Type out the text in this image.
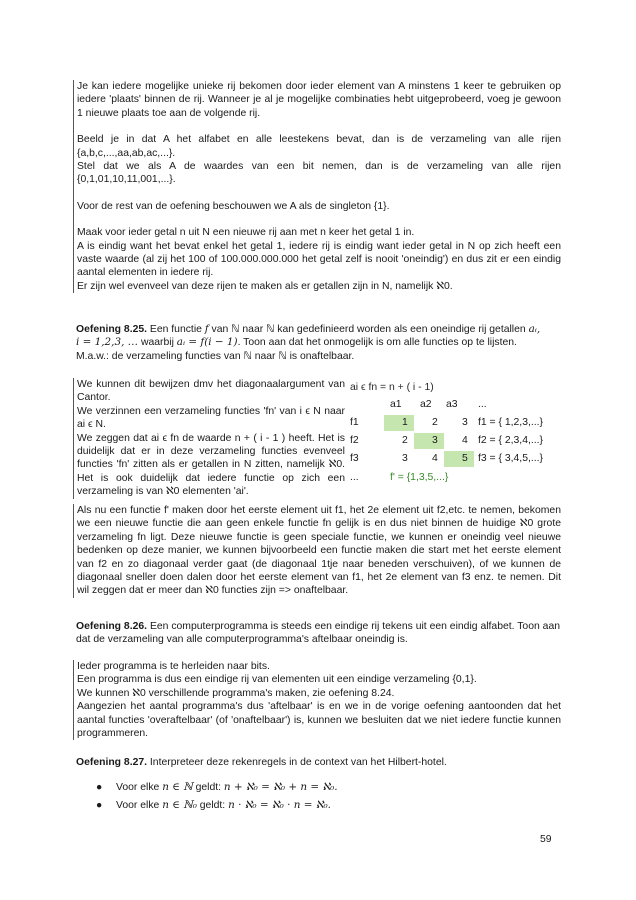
Je kan iedere mogelijke unieke rij bekomen door ieder element van A minstens 1 keer te gebruiken op iedere 'plaats' binnen de rij. Wanneer je al je mogelijke combinaties hebt uitgeprobeerd, voeg je gewoon 1 nieuwe plaats toe aan de volgende rij.

Beeld je in dat A het alfabet en alle leestekens bevat, dan is de verzameling van alle rijen {a,b,c,...,aa,ab,ac,...}.

Stel dat we als A de waardes van een bit nemen, dan is de verzameling van alle rijen {0,1,01,10,11,001,...}.

Voor de rest van de oefening beschouwen we A als de singleton {1}.

Maak voor ieder getal n uit N een nieuwe rij aan met n keer het getal 1 in.

A is eindig want het bevat enkel het getal 1, iedere rij is eindig want ieder getal in N op zich heeft een vaste waarde (al zij het 100 of 100.000.000.000 het getal zelf is nooit 'oneindig') en dus zit er een eindig aantal elementen in iedere rij.

Er zijn wel evenveel van deze rijen te maken als er getallen zijn in N, namelijk ℵ0.

Oefening 8.25. Een functie f van ℕ naar ℕ kan gedefinieerd worden als een oneindige rij getallen aᵢ,

i = 1,2,3, … waarbij aᵢ = f(i − 1). Toon aan dat het onmogelijk is om alle functies op te lijsten.

M.a.w.: de verzameling functies van ℕ naar ℕ is onaftelbaar.

We kunnen dit bewijzen dmv het diagonaalargument van Cantor.

We verzinnen een verzameling functies 'fn' van i ϵ N naar ai ϵ N.

We zeggen dat ai ϵ fn de waarde n + ( i - 1 ) heeft. Het is duidelijk dat er in deze verzameling functies evenveel functies 'fn' zitten als er getallen in N zitten, namelijk ℵ0. Het is ook duidelijk dat iedere functie op zich een verzameling is van ℵ0 elementen 'ai'.

ai ϵ fn = n + ( i - 1)
a1 a2 a3 ...
f1	1 2 3 f1 = { 1,2,3,...}
f2	2 3 4 f2 = { 2,3,4,...}
f3	3 4 5 f3 = { 3,4,5,...}
...	f' = {1,3,5,...}

Als nu een functie f' maken door het eerste element uit f1, het 2e element uit f2,etc. te nemen, bekomen we een nieuwe functie die aan geen enkele functie fn gelijk is en dus niet binnen de huidige ℵ0 grote verzameling fn ligt. Deze nieuwe functie is geen speciale functie, we kunnen er oneindig veel nieuwe bedenken op deze manier, we kunnen bijvoorbeeld een functie maken die start met het eerste element van f2 en zo diagonaal verder gaat (de diagonaal 1tje naar beneden verschuiven), of we kunnen de diagonaal sneller doen dalen door het eerste element van f1, het 2e element van f3 enz. te nemen. Dit wil zeggen dat er meer dan ℵ0 functies zijn => onaftelbaar.

Oefening 8.26. Een computerprogramma is steeds een eindige rij tekens uit een eindig alfabet. Toon aan dat de verzameling van alle computerprogramma's aftelbaar oneindig is.

Ieder programma is te herleiden naar bits.

Een programma is dus een eindige rij van elementen uit een eindige verzameling {0,1}.

We kunnen ℵ0 verschillende programma's maken, zie oefening 8.24.

Aangezien het aantal programma's dus 'aftelbaar' is en we in de vorige oefening aantoonden dat het aantal functies 'overaftelbaar' (of 'onaftelbaar') is, kunnen we besluiten dat we niet iedere functie kunnen programmeren.

Oefening 8.27. Interpreteer deze rekenregels in de context van het Hilbert-hotel.

● Voor elke n ∈ ℕ geldt: n + ℵ₀ = ℵ₀ + n = ℵ₀.
● Voor elke n ∈ ℕ₀ geldt: n · ℵ₀ = ℵ₀ · n = ℵ₀.
59
